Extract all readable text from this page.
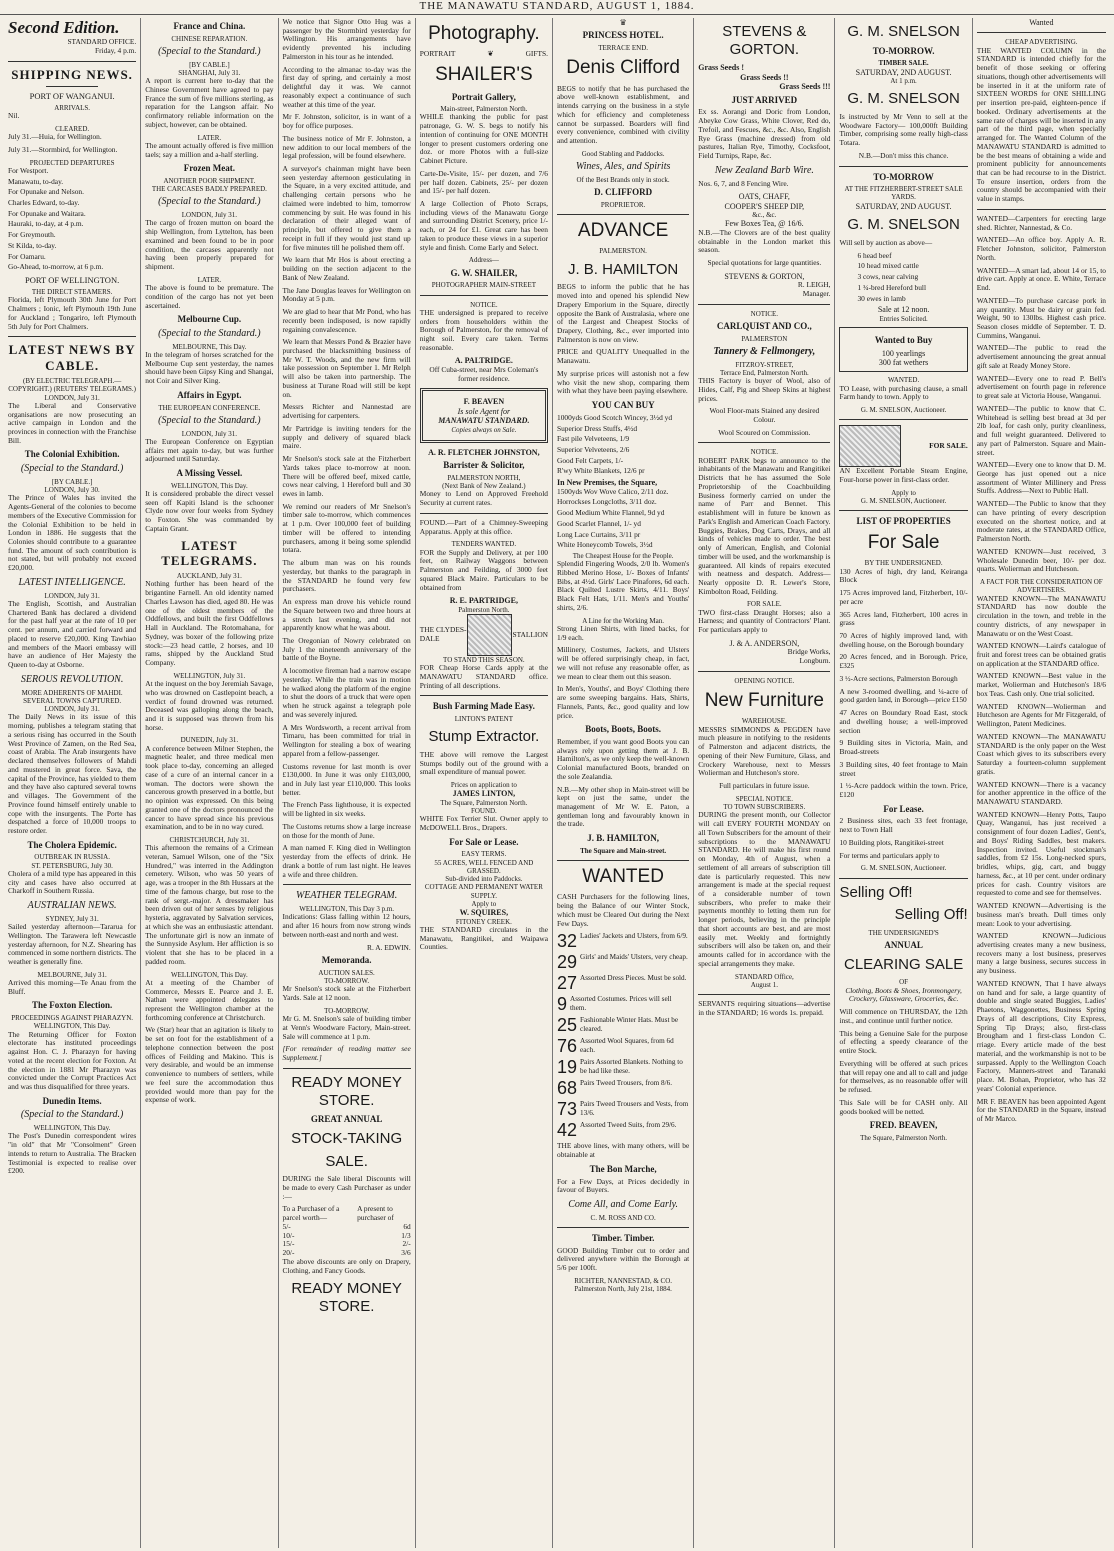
THE MANAWATU STANDARD, AUGUST 1, 1884.
Second Edition.
STANDARD OFFICE.
Friday, 4 p.m.
SHIPPING NEWS.
PORT OF WANGANUI.
ARRIVALS.

Nil.

CLEARED.

July 31.—Huia, for Wellington.

July 31.—Stormbird, for Wellington.

PROJECTED DEPARTURES

For Westport.

Manawatu, to-day.

For Opunake and Nelson.

Charles Edward, to-day.

For Opunake and Waitara.

Hauraki, to-day, at 4 p.m.

For Greymouth.

St Kilda, to-day.

For Oamaru.

Go-Ahead, to-morrow, at 6 p.m.

PORT OF WELLINGTON.
THE DIRECT STEAMERS.

Florida, left Plymouth 30th June for Port Chalmers ; Ionic, left Plymouth 19th June for Auckland ; Tongariro, left Plymouth 5th July for Port Chalmers.

LATEST NEWS BY CABLE.
(BY ELECTRIC TELEGRAPH.—COPYRIGHT.) (REUTERS' TELEGRAMS.)
LONDON, July 31.

The Liberal and Conservative organisations are now prosecuting an active campaign in London and the provinces in connection with the Franchise Bill.

The Colonial Exhibition.
(Special to the Standard.)
[BY CABLE.]
LONDON, July 30.

The Prince of Wales has invited the Agents-General of the colonies to become members of the Executive Commission for the Colonial Exhibition to be held in London in 1886. He suggests that the Colonies should contribute to a guarantee fund. The amount of such contribution is not stated, but will probably not exceed £20,000.

LATEST INTELLIGENCE.
LONDON, July 31.

The English, Scottish, and Australian Chartered Bank has declared a dividend for the past half year at the rate of 10 per cent. per annum, and carried forward and placed to reserve £20,000. King Tawhiao and members of the Maori embassy will have an audience of Her Majesty the Queen to-day at Osborne.

SEROUS REVOLUTION.
MORE ADHERENTS OF MAHDI.
SEVERAL TOWNS CAPTURED.
LONDON, July 31.

The Daily News in its issue of this morning, publishes a telegram stating that a serious rising has occurred in the South West Province of Zamen, on the Red Sea, coast of Arabia. The Arab insurgents have declared themselves followers of Mahdi and mustered in great force. Sava, the capital of the Province, has yielded to them and they have also captured several towns and villages. The Government of the Province found himself entirely unable to cope with the insurgents. The Porte has despatched a force of 10,000 troops to restore order.

The Cholera Epidemic.
OUTBREAK IN RUSSIA.
ST. PETERSBURG, July 30.

Cholera of a mild type has appeared in this city and cases have also occurred at Charkoff in Southern Russia.

AUSTRALIAN NEWS.
SYDNEY, July 31.

Sailed yesterday afternoon—Tararua for Wellington. The Tarawera left Newcastle yesterday afternoon, for N.Z. Shearing has commenced in some northern districts. The weather is generally fine.

MELBOURNE, July 31.

Arrived this morning—Te Anau from the Bluff.

The Foxton Election.
PROCEEDINGS AGAINST PHARAZYN.
WELLINGTON, This Day.

The Returning Officer for Foxton electorate has instituted proceedings against Hon. C. J. Pharazyn for having voted at the recent election for Foxton. At the election in 1881 Mr Pharazyn was convicted under the Corrupt Practices Act and was thus disqualified for three years.

Dunedin Items.
(Special to the Standard.)
WELLINGTON, This Day.

The Post's Dunedin correspondent wires "in old" that Mr "Consolment" Green intends to return to Australia. The Bracken Testimonial is expected to realise over £200.

France and China.
CHINESE REPARATION.
(Special to the Standard.)
[BY CABLE.]
SHANGHAI, July 31.

A report is current here to-day that the Chinese Government have agreed to pay France the sum of five millions sterling, as reparation for the Langson affair. No confirmatory reliable information on the subject, however, can be obtained.

LATER.

The amount actually offered is five million taels; say a million and a-half sterling.

Frozen Meat.
ANOTHER POOR SHIPMENT.
THE CARCASES BADLY PREPARED.
(Special to the Standard.)
LONDON, July 31.

The cargo of frozen mutton on board the ship Wellington, from Lyttelton, has been examined and been found to be in poor condition, the carcases apparently not having been properly prepared for shipment.

LATER.

The above is found to be premature. The condition of the cargo has not yet been ascertained.

Melbourne Cup.
(Special to the Standard.)
MELBOURNE, This Day.

In the telegram of horses scratched for the Melbourne Cup sent yesterday, the names should have been Gipsy King and Shangai, not Coir and Silver King.

Affairs in Egypt.
THE EUROPEAN CONFERENCE.
(Special to the Standard.)
LONDON, July 31.

The European Conference on Egyptian affairs met again to-day, but was further adjourned until Saturday.

A Missing Vessel.
WELLINGTON, This Day.

It is considered probable the direct vessel seen off Kapiti Island is the schooner Clyde now over four weeks from Sydney to Foxton. She was commanded by Captain Grant.

LATEST TELEGRAMS.
AUCKLAND, July 31.

Nothing further has been heard of the brigantine Farnell. An old identity named Charles Lawson has died, aged 80. He was one of the oldest members of the Oddfellows, and built the first Oddfellows Hall in Auckland. The Rotomahana, for Sydney, was boxer of the following prize stock:—23 head cattle, 2 horses, and 10 rams, shipped by the Auckland Stud Company.

WELLINGTON, July 31.

At the inquest on the boy Jeremiah Savage, who was drowned on Castlepoint beach, a verdict of found drowned was returned. Deceased was galloping along the beach, and it is supposed was thrown from his horse.

DUNEDIN, July 31.

A conference between Milner Stephen, the magnetic healer, and three medical men took place to-day, concerning an alleged case of a cure of an internal cancer in a woman. The doctors were shown the cancerous growth preserved in a bottle, but no opinion was expressed. On this being granted one of the doctors pronounced the cancer to have spread since his previous examination, and to be in no way cured.

CHRISTCHURCH, July 31.

This afternoon the remains of a Crimean veteran, Samuel Wilson, one of the "Six Hundred," was interred in the Addington cemetery. Wilson, who was 50 years of age, was a trooper in the 8th Hussars at the time of the famous charge, but rose to the rank of sergt.-major. A dressmaker has been driven out of her senses by religious hysteria, aggravated by Salvation services, at which she was an enthusiastic attendant. The unfortunate girl is now an inmate of the Sunnyside Asylum. Her affliction is so violent that she has to be placed in a padded room.

WELLINGTON, This Day.

At a meeting of the Chamber of Commerce, Messrs E. Pearce and J. E. Nathan were appointed delegates to represent the Wellington chamber at the forthcoming conference at Christchurch.

We (Star) hear that an agitation is likely to be set on foot for the establishment of a telephone connection between the post offices of Feilding and Makino. This is very desirable, and would be an immense convenience to numbers of settlers, while we feel sure the accommodation thus provided would more than pay for the expense of work.

We notice that Signor Otto Hug was a passenger by the Stormbird yesterday for Wellington. His arrangements have evidently prevented his including Palmerston in his tour as he intended.

According to the almanac to-day was the first day of spring, and certainly a most delightful day it was. We cannot reasonably expect a continuance of such weather at this time of the year.

Mr F. Johnston, solicitor, is in want of a boy for office purposes.

The business notice of Mr F. Johnston, a new addition to our local members of the legal profession, will be found elsewhere.

A surveyor's chainman might have been seen yesterday afternoon gesticulating in the Square, in a very excited attitude, and challenging certain persons who he claimed were indebted to him, tomorrow commencing by suit. He was found in his declaration of their alleged want of principle, but offered to give them a receipt in full if they would just stand up for five minutes till he polished them off.

We learn that Mr Hos is about erecting a building on the section adjacent to the Bank of New Zealand.

The Jane Douglas leaves for Wellington on Monday at 5 p.m.

We are glad to hear that Mr Pond, who has recently been indisposed, is now rapidly regaining convalescence.

We learn that Messrs Pond & Brazier have purchased the blacksmithing business of Mr W. T. Woods, and the new firm will take possession on September 1. Mr Relph will also be taken into partnership. The business at Turane Road will still be kept on.

Messrs Richter and Nannestad are advertising for carpenters.

Mr Partridge is inviting tenders for the supply and delivery of squared black maire.

Mr Snelson's stock sale at the Fitzherbert Yards takes place to-morrow at noon. There will be offered beef, mixed cattle, cows near calving, 1 Hereford bull and 30 ewes in lamb.

We remind our readers of Mr Snelson's timber sale to-morrow, which commences at 1 p.m. Over 100,000 feet of building timber will be offered to intending purchasers, among it being some splendid totara.

The album man was on his rounds yesterday, but thanks to the paragraph in the STANDARD he found very few purchasers.

An express man drove his vehicle round the Square between two and three hours at a stretch last evening, and did not apparently know what he was about.

The Oregonian of Nowry celebrated on July 1 the nineteenth anniversary of the battle of the Boyne.

A locomotive fireman had a narrow escape yesterday. While the train was in motion he walked along the platform of the engine to shut the doors of a truck that were open when he struck against a telegraph pole and was severely injured.

A Mrs Wordsworth, a recent arrival from Timaru, has been committed for trial in Wellington for stealing a box of wearing apparel from a fellow-passenger.

Customs revenue for last month is over £130,000. In June it was only £103,000, and in July last year £110,000. This looks better.

The French Pass lighthouse, it is expected will be lighted in six weeks.

The Customs returns show a large increase on those for the month of June.

A man named F. King died in Wellington yesterday from the effects of drink. He drank a bottle of rum last night. He leaves a wife and three children.

WEATHER TELEGRAM.
WELLINGTON, This Day 3 p.m.

Indications: Glass falling within 12 hours, and after 16 hours from now strong winds between north-east and north and west.

R. A. EDWIN.
Memoranda.
AUCTION SALES.
TO-MORROW.

Mr Snelson's stock sale at the Fitzherbert Yards. Sale at 12 noon.

TO-MORROW.

Mr G. M. Snelson's sale of building timber at Venn's Woodware Factory, Main-street. Sale will commence at 1 p.m.

[For remainder of reading matter see Supplement.]

READY MONEY STORE.
GREAT ANNUAL
STOCK-TAKING
SALE.

DURING the Sale liberal Discounts will be made to every Cash Purchaser as under :—

To a Purchaser of a parcel worth—
A present to purchaser of
5/-	6d
10/-	1/3
15/-	2/-
20/-	3/6

The above discounts are only on Drapery, Clothing, and Fancy Goods.

READY MONEY STORE.
Photography.
PORTRAIT	❦	GIFTS.
SHAILER'S
Portrait Gallery,
Main-street, Palmerston North.

WHILE thanking the public for past patronage, G. W. S. begs to notify his intention of continuing for ONE MONTH longer to present customers ordering one doz. or more Photos with a full-size Cabinet Picture.

Carte-De-Visite, 15/- per dozen, and 7/6 per half dozen. Cabinets, 25/- per dozen and 15/- per half dozen.

A large Collection of Photo Scraps, including views of the Manawatu Gorge and surrounding District Scenery, price 1/- each, or 24 for £1. Great care has been taken to produce these views in a superior style and finish. Come Early and Select.

Address—
G. W. SHAILER,
PHOTOGRAPHER MAIN-STREET
NOTICE.

THE undersigned is prepared to receive orders from householders within the Borough of Palmerston, for the removal of night soil. Every care taken. Terms reasonable.

A. PALTRIDGE.

Off Cuba-street, near Mrs Coleman's former residence.

F. BEAVEN
Is sole Agent for
MANAWATU STANDARD.
Copies always on Sale.
A. R. FLETCHER JOHNSTON,
Barrister & Solicitor,
PALMERSTON NORTH,
(Next Bank of New Zealand.)

Money to Lend on Approved Freehold Security at current rates.

FOUND.—Part of a Chimney-Sweeping Apparatus. Apply at this office.

TENDERS WANTED.

FOR the Supply and Delivery, at per 100 feet, on Railway Waggons between Palmerston and Feilding, of 3000 feet squared Black Maire. Particulars to be obtained from

R. E. PARTRIDGE,
Palmerston North.
THE CLYDES-DALE	STALLION
TO STAND THIS SEASON.

FOR Cheap Horse Cards apply at the MANAWATU STANDARD office. Printing of all descriptions.

Bush Farming Made Easy.
LINTON'S PATENT
Stump Extractor.

THE above will remove the Largest Stumps bodily out of the ground with a small expenditure of manual power.

Prices on application to
JAMES LINTON,
The Square, Palmerston North.
FOUND.

WHITE Fox Terrier Slut. Owner apply to McDOWELL Bros., Drapers.

For Sale or Lease.
EASY TERMS.
55 ACRES, WELL FENCED AND GRASSED.
Sub-divided into Paddocks.
COTTAGE AND PERMANENT WATER SUPPLY.
Apply to
W. SQUIRES,
FITONEY CREEK.

THE STANDARD circulates in the Manawatu, Rangitikei, and Waipawa Counties.

♛
PRINCESS HOTEL.
TERRACE END.
Denis Clifford

BEGS to notify that he has purchased the above well-known establishment, and intends carrying on the business in a style which for efficiency and completeness cannot be surpassed. Boarders will find every convenience, combined with civility and attention.

Good Stabling and Paddocks.
Wines, Ales, and Spirits
Of the Best Brands only in stock.
D. CLIFFORD
PROPRIETOR.
ADVANCE
PALMERSTON.
J. B. HAMILTON

BEGS to inform the public that he has moved into and opened his splendid New Drapery Emporium in the Square, directly opposite the Bank of Australasia, where one of the Largest and Cheapest Stocks of Drapery, Clothing, &c., ever imported into Palmerston is now on view.

PRICE and QUALITY Unequalled in the Manawatu.

My surprise prices will astonish not a few who visit the new shop, comparing them with what they have been paying elsewhere.

YOU CAN BUY

1000yds Good Scotch Wincey, 3½d yd

Superior Dress Stuffs, 4½d

Fast pile Velveteens, 1/9

Superior Velveteens, 2/6

Good Felt Carpets, 1/-

R'wy White Blankets, 12/6 pr

In New Premises, the Square,

1500yds Wov Wove Calico, 2/11 doz.

Horrockses Longcloths, 3/11 doz.

Good Medium White Flannel, 9d yd

Good Scarlet Flannel, 1/- yd

Long Lace Curtains, 3/11 pr

White Honeycomb Towels, 3½d

The Cheapest House for the People.

Splendid Fingering Woods, 2/0 lb. Women's Ribbed Merino Hose, 1/- Boxes of Infants' Bibs, at 4½d. Girls' Lace Pinafores, 6d each. Black Quilted Lustre Skirts, 4/11. Boys' Black Felt Hats, 1/11. Men's and Youths' shirts, 2/6.

A Line for the Working Man.

Strong Linen Shirts, with lined backs, for 1/9 each.

Millinery, Costumes, Jackets, and Ulsters will be offered surprisingly cheap, in fact, we will not refuse any reasonable offer, as we mean to clear them out this season.

In Men's, Youths', and Boys' Clothing there are some sweeping bargains. Hats, Shirts, Flannels, Pants, &c., good quality and low price.

Boots, Boots, Boots.

Remember, if you want good Boots you can always rely upon getting them at J. B. Hamilton's, as we only keep the well-known Colonial manufactured Boots, branded on the sole Zealandia.

N.B.—My other shop in Main-street will be kept on just the same, under the management of Mr W. E. Paton, a gentleman long and favourably known in the trade.

J. B. HAMILTON,
The Square and Main-street.
WANTED

CASH Purchasers for the following lines, being the Balance of our Winter Stock, which must be Cleared Out during the Next Few Days.

32 Ladies' Jackets and Ulsters, from 6/9.
29 Girls' and Maids' Ulsters, very cheap.
27 Assorted Dress Pieces. Must be sold.
9 Assorted Costumes. Prices will sell them.
25 Fashionable Winter Hats. Must be cleared.
76 Assorted Wool Squares, from 6d each.
19 Pairs Assorted Blankets. Nothing to be had like these.
68 Pairs Tweed Trousers, from 8/6.
73 Pairs Tweed Trousers and Vests, from 13/6.
42 Assorted Tweed Suits, from 29/6.

THE above lines, with many others, will be obtainable at

The Bon Marche,

For a Few Days, at Prices decidedly in favour of Buyers.

Come All, and Come Early.
C. M. ROSS AND CO.
Timber. Timber.

GOOD Building Timber cut to order and delivered anywhere within the Borough at 5/6 per 100ft.

RICHTER, NANNESTAD, & CO.
Palmerston North, July 21st, 1884.
STEVENS & GORTON.
Grass Seeds !
Grass Seeds !!
Grass Seeds !!!
JUST ARRIVED

Ex ss. Aorangi and Doric from London, Abeyke Cow Grass, White Clover, Red do, Trefoil, and Fescues, &c., &c. Also, English Rye Grass (machine dressed) from old pastures, Italian Rye, Timothy, Cocksfoot, Field Turnips, Rape, &c.

New Zealand Barb Wire.

Nos. 6, 7, and 8 Fencing Wire.

OATS, CHAFF,
COOPER'S SHEEP DIP,
&c., &c.
Few Boxes Tea, @ 16/6.

N.B.—The Clovers are of the best quality obtainable in the London market this season.

Special quotations for large quantities.

STEVENS & GORTON,
R. LEIGH,
Manager.
NOTICE.
CARLQUIST AND CO.,
PALMERSTON
Tannery & Fellmongery,
FITZROY-STREET,
Terrace End, Palmerston North.

THIS Factory is buyer of Wool, also of Hides, Calf, Pig and Sheep Skins at highest prices.

Wool Floor-mats Stained any desired Colour.

Wool Scoured on Commission.

NOTICE.

ROBERT PARK begs to announce to the inhabitants of the Manawatu and Rangitikei Districts that he has assumed the Sole Proprietorship of the Coachbuilding Business formerly carried on under the name of Parr and Bennet. This establishment will in future be known as Park's English and American Coach Factory. Buggies, Brakes, Dog Carts, Drays, and all kinds of vehicles made to order. The best only of American, English, and Colonial timber will be used, and the workmanship is guaranteed. All kinds of repairs executed with neatness and despatch. Address—Nearly opposite D. R. Lewer's Store, Kimbolton Road, Feilding.

FOR SALE.

TWO first-class Draught Horses; also a Harness; and quantity of Contractors' Plant. For particulars apply to

J. & A. ANDERSON,
Bridge Works,
Longburn.
OPENING NOTICE.
New Furniture
WAREHOUSE.

MESSRS SIMMONDS & PEGDEN have much pleasure in notifying to the residents of Palmerston and adjacent districts, the opening of their New Furniture, Glass, and Crockery Warehouse, next to Messrs Wolierman and Hutcheson's store.

Full particulars in future issue.

SPECIAL NOTICE.
TO TOWN SUBSCRIBERS.

DURING the present month, our Collector will call EVERY FOURTH MONDAY on all Town Subscribers for the amount of their subscriptions to the MANAWATU STANDARD. He will make his first round on Monday, 4th of August, when a settlement of all arrears of subscription till date is particularly requested. This new arrangement is made at the special request of a considerable number of town subscribers, who prefer to make their payments monthly to letting them run for longer periods, believing in the principle that short accounts are best, and are most easily met. Weekly and fortnightly subscribers will also be taken on, and their amounts called for in accordance with the special arrangements they make.

STANDARD Office,
August 1.

SERVANTS requiring situations—advertise in the STANDARD; 16 words 1s. prepaid.

G. M. SNELSON
TO-MORROW.
TIMBER SALE.
SATURDAY, 2ND AUGUST.
At 1 p.m.
G. M. SNELSON

Is instructed by Mr Venn to sell at the Woodware Factory— 100,000ft Building Timber, comprising some really high-class Totara.

N.B.—Don't miss this chance.

TO-MORROW
AT THE FITZHERBERT-STREET SALE YARDS.
SATURDAY, 2ND AUGUST.
G. M. SNELSON

Will sell by auction as above—

6 head beef

10 head mixed cattle

3 cows, near calving

1 ¾-bred Hereford bull

30 ewes in lamb

Sale at 12 noon.
Entries Solicited.
Wanted to Buy
100 yearlings
300 fat wethers
WANTED.

TO Lease, with purchasing clause, a small Farm handy to town. Apply to

G. M. SNELSON, Auctioneer.
FOR SALE.

AN Excellent Portable Steam Engine, Four-horse power in first-class order.

Apply to
G. M. SNELSON, Auctioneer.
LIST OF PROPERTIES
For Sale
BY THE UNDERSIGNED.

130 Acres of high, dry land, Keiranga Block

175 Acres improved land, Fitzherbert, 10/- per acre

365 Acres land, Fitzherbert, 100 acres in grass

70 Acres of highly improved land, with dwelling house, on the Borough boundary

20 Acres fenced, and in Borough. Price, £325

3 ½-Acre sections, Palmerston Borough

A new 3-roomed dwelling, and ¼-acre of good garden land, in Borough—price £150

47 Acres on Boundary Road East, stock and dwelling house; a well-improved section

9 Building sites in Victoria, Main, and Broad-streets

3 Building sites, 40 feet frontage to Main street

1 ½-Acre paddock within the town. Price, £120

For Lease.

2 Business sites, each 33 feet frontage, next to Town Hall

10 Building plots, Rangitikei-street

For terms and particulars apply to

G. M. SNELSON, Auctioneer.
Selling Off!
Selling Off!
THE UNDERSIGNED'S
ANNUAL
CLEARING SALE
OF

Clothing, Boots & Shoes, Ironmongery, Crockery, Glassware, Groceries, &c.

Will commence on THURSDAY, the 12th inst., and continue until further notice.

This being a Genuine Sale for the purpose of effecting a speedy clearance of the entire Stock.

Everything will be offered at such prices that will repay one and all to call and judge for themselves, as no reasonable offer will be refused.

This Sale will be for CASH only. All goods booked will be netted.

FRED. BEAVEN,
The Square, Palmerston North.
Wanted
CHEAP ADVERTISING.

THE WANTED COLUMN in the STANDARD is intended chiefly for the benefit of those seeking or offering situations, though other advertisements will be inserted in it at the uniform rate of SIXTEEN WORDS for ONE SHILLING per insertion pre-paid, eighteen-pence if booked. Ordinary advertisements at the same rate of charges will be inserted in any part of the third page, when specially arranged for. The Wanted Column of the MANAWATU STANDARD is admitted to be the best means of obtaining a wide and prominent publicity for announcements that can be had recourse to in the District. To ensure insertion, orders from the country should be accompanied with their value in stamps.

WANTED—Carpenters for erecting large shed. Richter, Nannestad, & Co.

WANTED—An office boy. Apply A. R. Fletcher Johnston, solicitor, Palmerston North.

WANTED—A smart lad, about 14 or 15, to drive cart. Apply at once. E. White, Terrace End.

WANTED—To purchase carcase pork in any quantity. Must be dairy or grain fed. Weight, 90 to 130lbs. Highest cash price. Season closes middle of September. T. D. Cummins, Wanganui.

WANTED—The public to read the advertisement announcing the great annual gift sale at Ready Money Store.

WANTED—Every one to read P. Bell's advertisement on fourth page in reference to great sale at Victoria House, Wanganui.

WANTED—The public to know that C. Whitehead is selling best bread at 3d per 2lb loaf, for cash only, purity cleanliness, and full weight guaranteed. Delivered to any part of Palmerston. Square and Main-street.

WANTED—Every one to know that D. M. George has just opened out a nice assortment of Winter Millinery and Press Stuffs. Address—Next to Public Hall.

WANTED—The Public to know that they can have printing of every description executed on the shortest notice, and at moderate rates, at the STANDARD Office, Palmerston North.

WANTED KNOWN—Just received, 3 Wholesale Dunedin beer, 10/- per doz. quarts. Wolierman and Hutcheson.

A FACT FOR THE CONSIDERATION OF ADVERTISERS.

WANTED KNOWN—The MANAWATU STANDARD has now double the circulation in the town, and treble in the country districts, of any newspaper in Manawatu or on the West Coast.

WANTED KNOWN—Laird's catalogue of fruit and forest trees can be obtained gratis on application at the STANDARD office.

WANTED KNOWN—Best value in the market, Wolierman and Hutcheson's 18/6 box Teas. Cash only. One trial solicited.

WANTED KNOWN—Wolierman and Hutcheson are Agents for Mr Fitzgerald, of Wellington, Patent Medicines.

WANTED KNOWN—The MANAWATU STANDARD is the only paper on the West Coast which gives to its subscribers every Saturday a fourteen-column supplement gratis.

WANTED KNOWN—There is a vacancy for another apprentice in the office of the MANAWATU STANDARD.

WANTED KNOWN—Henry Potts, Taupo Quay, Wanganui, has just received a consignment of four dozen Ladies', Gent's, and Boys' Riding Saddles, best makers. Inspection invited. Useful stockman's saddles, from £2 15s. Long-necked spurs, bridles, whips, gig, cart, and buggy harness, &c., at 10 per cent. under ordinary prices for cash. Country visitors are requested to come and see for themselves.

WANTED KNOWN—Advertising is the business man's breath. Dull times only mean: Look to your advertising.

WANTED KNOWN—Judicious advertising creates many a new business, recovers many a lost business, preserves many a large business, secures success in any business.

WANTED KNOWN, That I have always on hand and for sale, a large quantity of double and single seated Buggies, Ladies' Phaetons, Waggonettes, Business Spring Drays of all descriptions, City Express, Spring Tip Drays; also, first-class Brougham and 1 first-class London C. rriage. Every article made of the best material, and the workmanship is not to be surpassed. Apply to the Wellington Coach Factory, Manners-street and Taranaki place. M. Bohan, Proprietor, who has 32 years' Colonial experience.

MR F. BEAVEN has been appointed Agent for the STANDARD in the Square, instead of Mr Marco.
